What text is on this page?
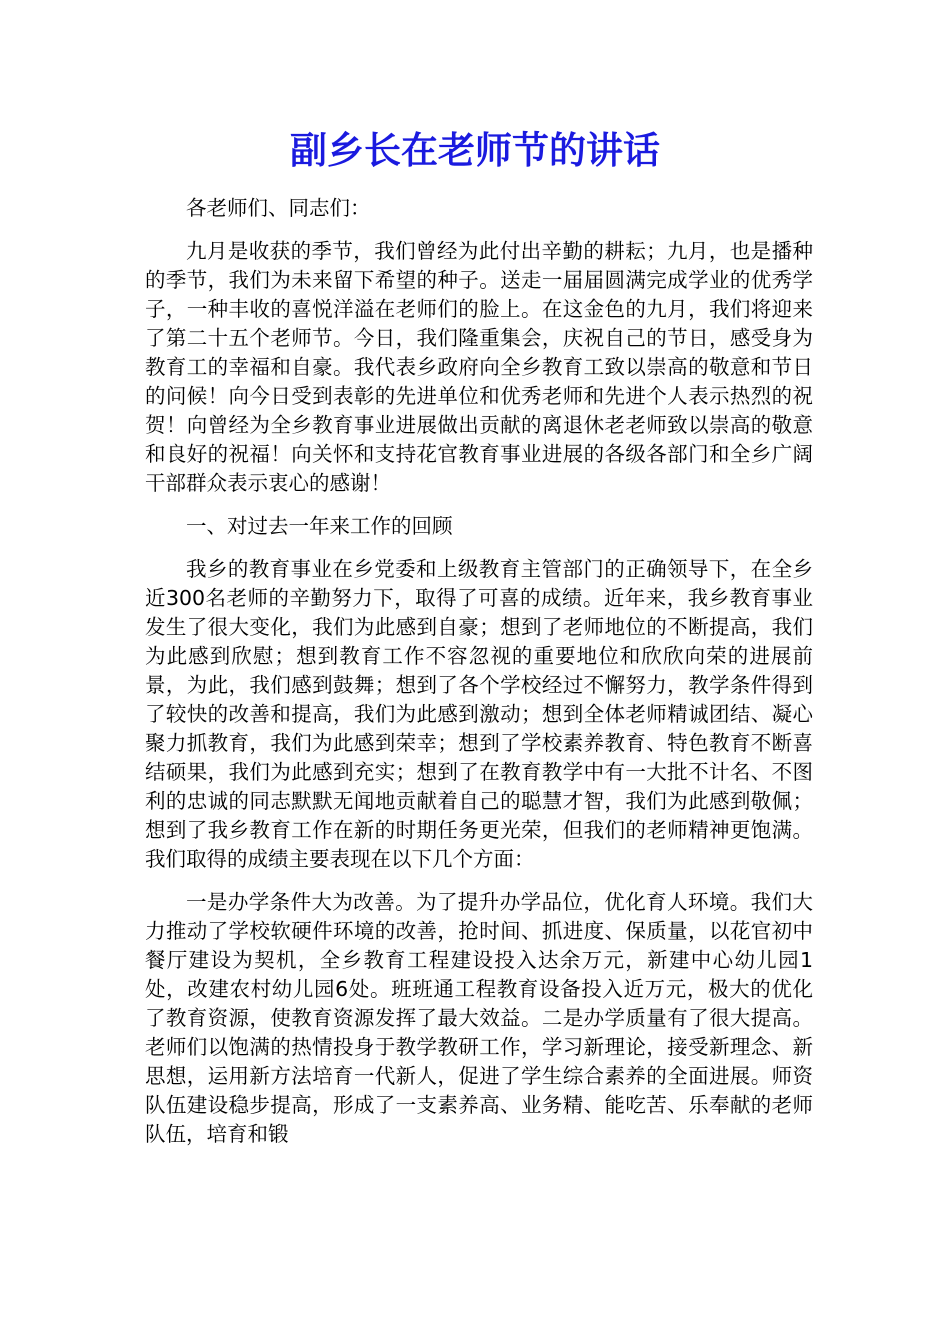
副乡长在老师节的讲话

各老师们、同志们：

九月是收获的季节，我们曾经为此付出辛勤的耕耘；九月，也是播种的季节，我们为未来留下希望的种子。送走一届届圆满完成学业的优秀学子，一种丰收的喜悦洋溢在老师们的脸上。在这金色的九月，我们将迎来了第二十五个老师节。今日，我们隆重集会，庆祝自己的节日，感受身为教育工的幸福和自豪。我代表乡政府向全乡教育工致以崇高的敬意和节日的问候！向今日受到表彰的先进单位和优秀老师和先进个人表示热烈的祝贺！向曾经为全乡教育事业进展做出贡献的离退休老老师致以崇高的敬意和良好的祝福！向关怀和支持花官教育事业进展的各级各部门和全乡广阔干部群众表示衷心的感谢！

一、对过去一年来工作的回顾

我乡的教育事业在乡党委和上级教育主管部门的正确领导下，在全乡近300名老师的辛勤努力下，取得了可喜的成绩。近年来，我乡教育事业发生了很大变化，我们为此感到自豪；想到了老师地位的不断提高，我们为此感到欣慰；想到教育工作不容忽视的重要地位和欣欣向荣的进展前景，为此，我们感到鼓舞；想到了各个学校经过不懈努力，教学条件得到了较快的改善和提高，我们为此感到激动；想到全体老师精诚团结、凝心聚力抓教育，我们为此感到荣幸；想到了学校素养教育、特色教育不断喜结硕果，我们为此感到充实；想到了在教育教学中有一大批不计名、不图利的忠诚的同志默默无闻地贡献着自己的聪慧才智，我们为此感到敬佩；想到了我乡教育工作在新的时期任务更光荣，但我们的老师精神更饱满。我们取得的成绩主要表现在以下几个方面：

一是办学条件大为改善。为了提升办学品位，优化育人环境。我们大力推动了学校软硬件环境的改善，抢时间、抓进度、保质量，以花官初中餐厅建设为契机，全乡教育工程建设投入达余万元，新建中心幼儿园1处，改建农村幼儿园6处。班班通工程教育设备投入近万元，极大的优化了教育资源，使教育资源发挥了最大效益。二是办学质量有了很大提高。老师们以饱满的热情投身于教学教研工作，学习新理论，接受新理念、新思想，运用新方法培育一代新人，促进了学生综合素养的全面进展。师资队伍建设稳步提高，形成了一支素养高、业务精、能吃苦、乐奉献的老师队伍，培育和锻
